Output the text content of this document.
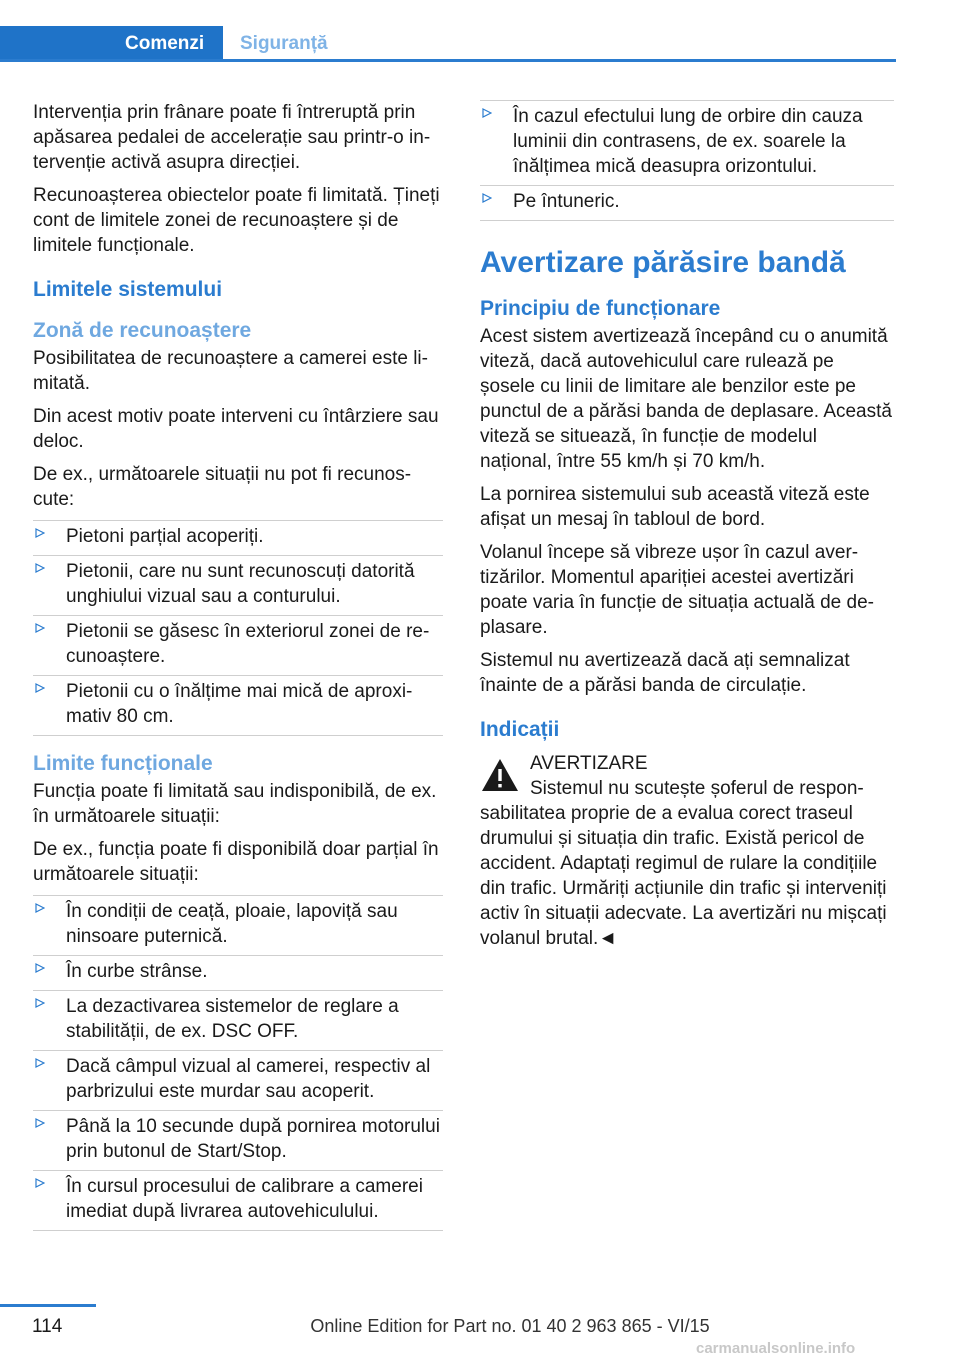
Comenzi Siguranță

Intervenția prin frânare poate fi întreruptă prin apăsarea pedalei de accelerație sau printr-o intervenție activă asupra direcției.

Recunoașterea obiectelor poate fi limitată. Țineți cont de limitele zonei de recunoaștere și de limitele funcționale.

Limitele sistemului
Zonă de recunoaștere

Posibilitatea de recunoaștere a camerei este limitată.

Din acest motiv poate interveni cu întârziere sau deloc.

De ex., următoarele situații nu pot fi recunoscute:

Pietoni parțial acoperiți.
Pietonii, care nu sunt recunoscuți datorită unghiului vizual sau a conturului.
Pietonii se găsesc în exteriorul zonei de recunoaștere.
Pietonii cu o înălțime mai mică de aproximativ 80 cm.
Limite funcționale

Funcția poate fi limitată sau indisponibilă, de ex. în următoarele situații:

De ex., funcția poate fi disponibilă doar parțial în următoarele situații:

În condiții de ceață, ploaie, lapoviță sau ninsoare puternică.
În curbe strânse.
La dezactivarea sistemelor de reglare a stabilității, de ex. DSC OFF.
Dacă câmpul vizual al camerei, respectiv al parbrizului este murdar sau acoperit.
Până la 10 secunde după pornirea motorului prin butonul de Start/Stop.
În cursul procesului de calibrare a camerei imediat după livrarea autovehiculului.
În cazul efectului lung de orbire din cauza luminii din contrasens, de ex. soarele la înălțimea mică deasupra orizontului.
Pe întuneric.
Avertizare părăsire bandă
Principiu de funcționare

Acest sistem avertizează începând cu o anumită viteză, dacă autovehiculul care rulează pe șosele cu linii de limitare ale benzilor este pe punctul de a părăsi banda de deplasare. Această viteză se situează, în funcție de modelul național, între 55 km/h și 70 km/h.

La pornirea sistemului sub această viteză este afișat un mesaj în tabloul de bord.

Volanul începe să vibreze ușor în cazul avertizărilor. Momentul apariției acestei avertizări poate varia în funcție de situația actuală de deplasare.

Sistemul nu avertizează dacă ați semnalizat înainte de a părăsi banda de circulație.

Indicații
AVERTIZARE

Sistemul nu scutește șoferul de responsabilitatea proprie de a evalua corect traseul drumului și situația din trafic. Există pericol de accident. Adaptați regimul de rulare la condițiile din trafic. Urmăriți acțiunile din trafic și interveniți activ în situații adecvate. La avertizări nu mișcați volanul brutal.◄

114	Online Edition for Part no. 01 40 2 963 865 - VI/15
carmanualsonline.info
